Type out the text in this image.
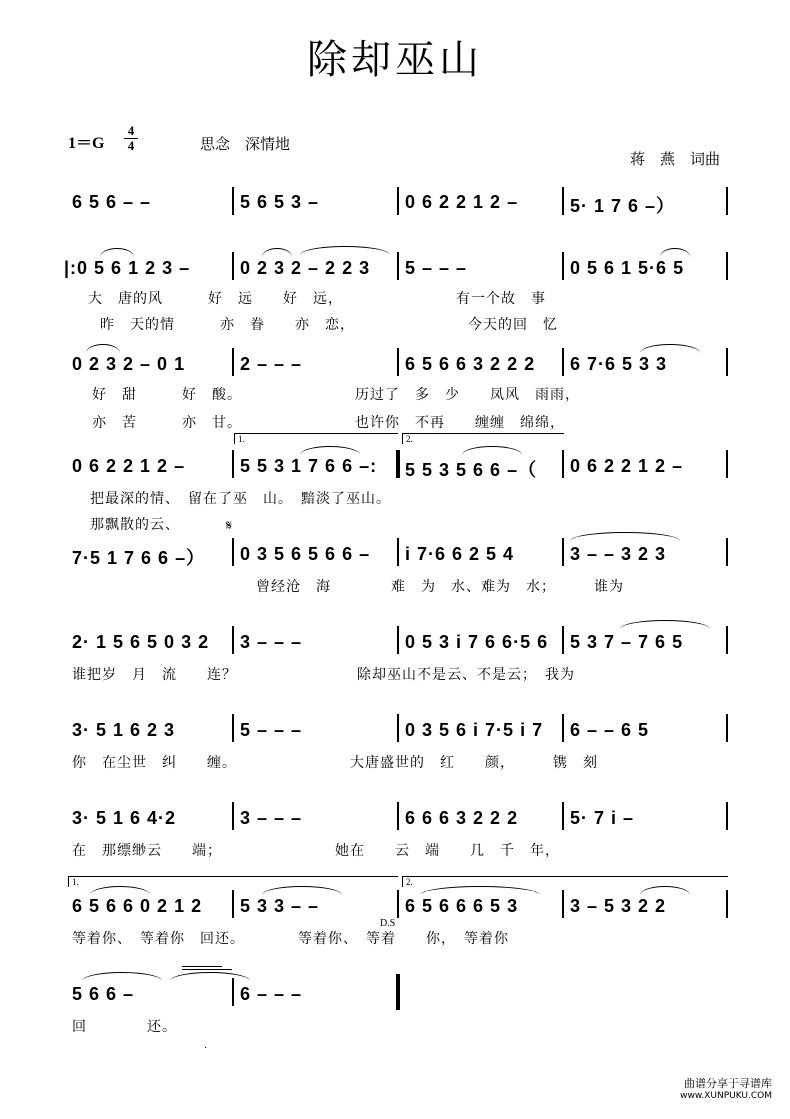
除却巫山
$1=G \frac{4}{4}$	思念　深情地
蒋　燕　词曲
6 5 6 – –	5 6 5 3 –	0 6 2 2 1 2 –	5· 1 7 6 –）
|:0 5 6 1 2 3 –	0 2 3 2 – 2 2 3 5 – – –	0 5 6 1 5·6 5
大　唐的风　　　好　远　　好　远，　　　　　　　　有一个故　事
昨　天的情　　　亦　眷　　亦　恋，　　　　　　　　今天的回　忆
0 2 3 2 – 0 1	2 – – –	6 5 6 6 3 2 2 2 6 7·6 5 3 3
好　甜　　　好　酸。　　　　　　　　历过了　多　少　　凤风　雨雨，
亦　苦　　　亦　甘。　　　　　　　　也许你　不再　　缠缠　绵绵，
1.	2.
0 6 2 2 1 2 –	5 5 3 1 7 6 6 –: 5 5 3 5 6 6 –（ 0 6 2 2 1 2 –
把最深的情、　留在了巫　山。　黯淡了巫山。
那飘散的云、	𝄋
7·5 1 7 6 6 –） 0 3 5 6 5 6 6 – i 7·6 6 2 5 4	3 – – 3 2 3
曾经沧　海　　　　难　为　水、难为　水；　　　谁为
2· 1 5 6 5 0 3 2 3 – – –	0 5 3 i 7 6 6·5 6 5 3 7 – 7 6 5
谁把岁　月　流　　连？　　　　　　　　除却巫山不是云、不是云；　我为
3· 5 1 6 2 3	5 – – –	0 3 5 6 i 7·5 i 7 6 – – 6 5
你　在尘世　纠　　缠。　　　　　　　　大唐盛世的　红　　颜，　　　镌　刻
3· 5 1 6 4·2	3 – – –	6 6 6 3 2 2 2	5· 7 i –
在　那缥缈云　　端；　　　　　　　　她在　　云　端　　几　千　年，
1.	2.
D.S
6 5 6 6 0 2 1 2 5 3 3 – –	6 5 6 6 6 5 3	3 – 5 3 2 2
等着你、　等着你　回还。　　　　等着你、　等着　　你，　等着你
5 6 6 –	6 – – –
回　　　　还。
·
曲谱分享于寻谱库
www.XUNPUKU.COM
